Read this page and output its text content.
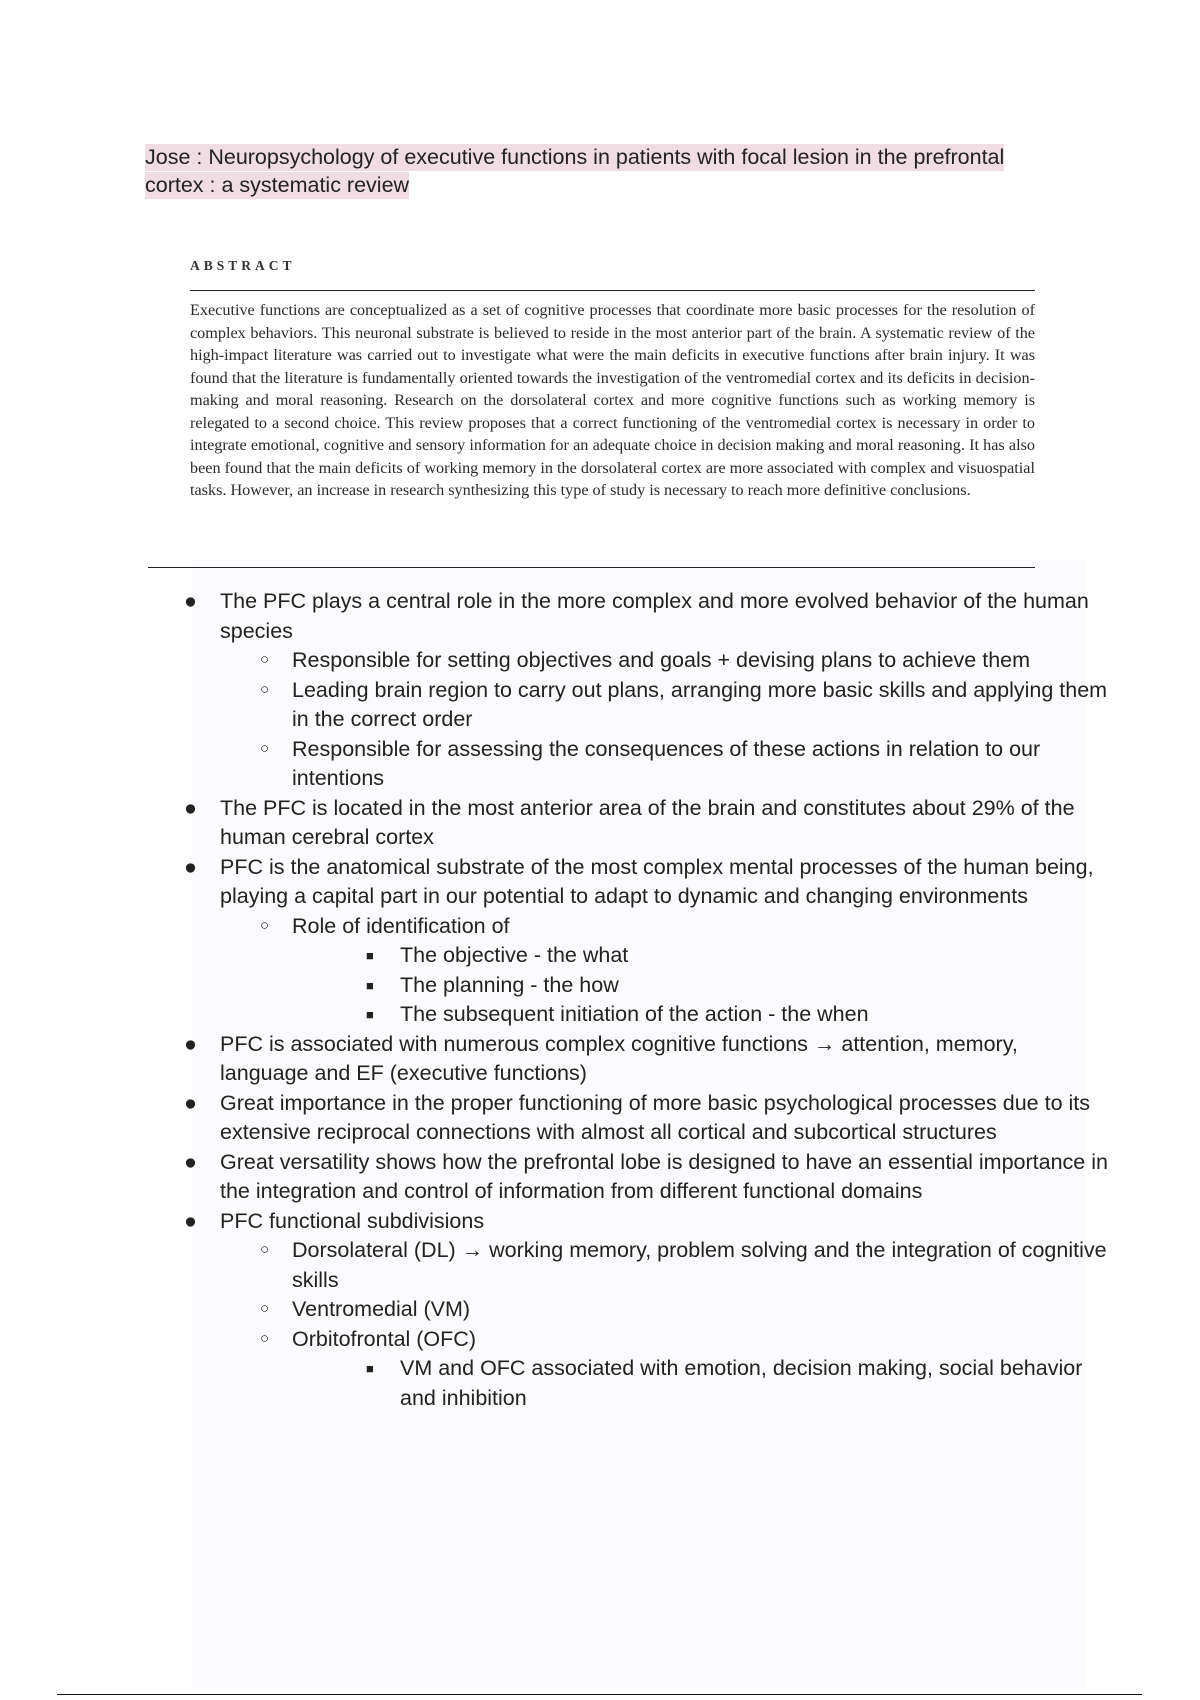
Jose : Neuropsychology of executive functions in patients with focal lesion in the prefrontal cortex : a systematic review
ABSTRACT

Executive functions are conceptualized as a set of cognitive processes that coordinate more basic processes for the resolution of complex behaviors. This neuronal substrate is believed to reside in the most anterior part of the brain. A systematic review of the high-impact literature was carried out to investigate what were the main deficits in executive functions after brain injury. It was found that the literature is fundamentally oriented towards the investigation of the ventromedial cortex and its deficits in decision-making and moral reasoning. Research on the dorsolateral cortex and more cognitive functions such as working memory is relegated to a second choice. This review proposes that a correct functioning of the ventromedial cortex is necessary in order to integrate emotional, cognitive and sensory information for an adequate choice in decision making and moral reasoning. It has also been found that the main deficits of working memory in the dorsolateral cortex are more associated with complex and visuospatial tasks. However, an increase in research synthesizing this type of study is necessary to reach more definitive conclusions.

●	The PFC plays a central role in the more complex and more evolved behavior of the human species
○ Responsible for setting objectives and goals + devising plans to achieve them
○ Leading brain region to carry out plans, arranging more basic skills and applying them in the correct order
○ Responsible for assessing the consequences of these actions in relation to our intentions
●	The PFC is located in the most anterior area of the brain and constitutes about 29% of the human cerebral cortex
●	PFC is the anatomical substrate of the most complex mental processes of the human being, playing a capital part in our potential to adapt to dynamic and changing environments
○ Role of identification of
■ The objective - the what
■ The planning - the how
■ The subsequent initiation of the action - the when
●	PFC is associated with numerous complex cognitive functions → attention, memory, language and EF (executive functions)
●	Great importance in the proper functioning of more basic psychological processes due to its extensive reciprocal connections with almost all cortical and subcortical structures
●	Great versatility shows how the prefrontal lobe is designed to have an essential importance in the integration and control of information from different functional domains
●	PFC functional subdivisions
○ Dorsolateral (DL) → working memory, problem solving and the integration of cognitive skills
○ Ventromedial (VM)
○ Orbitofrontal (OFC)
■ VM and OFC associated with emotion, decision making, social behavior and inhibition
